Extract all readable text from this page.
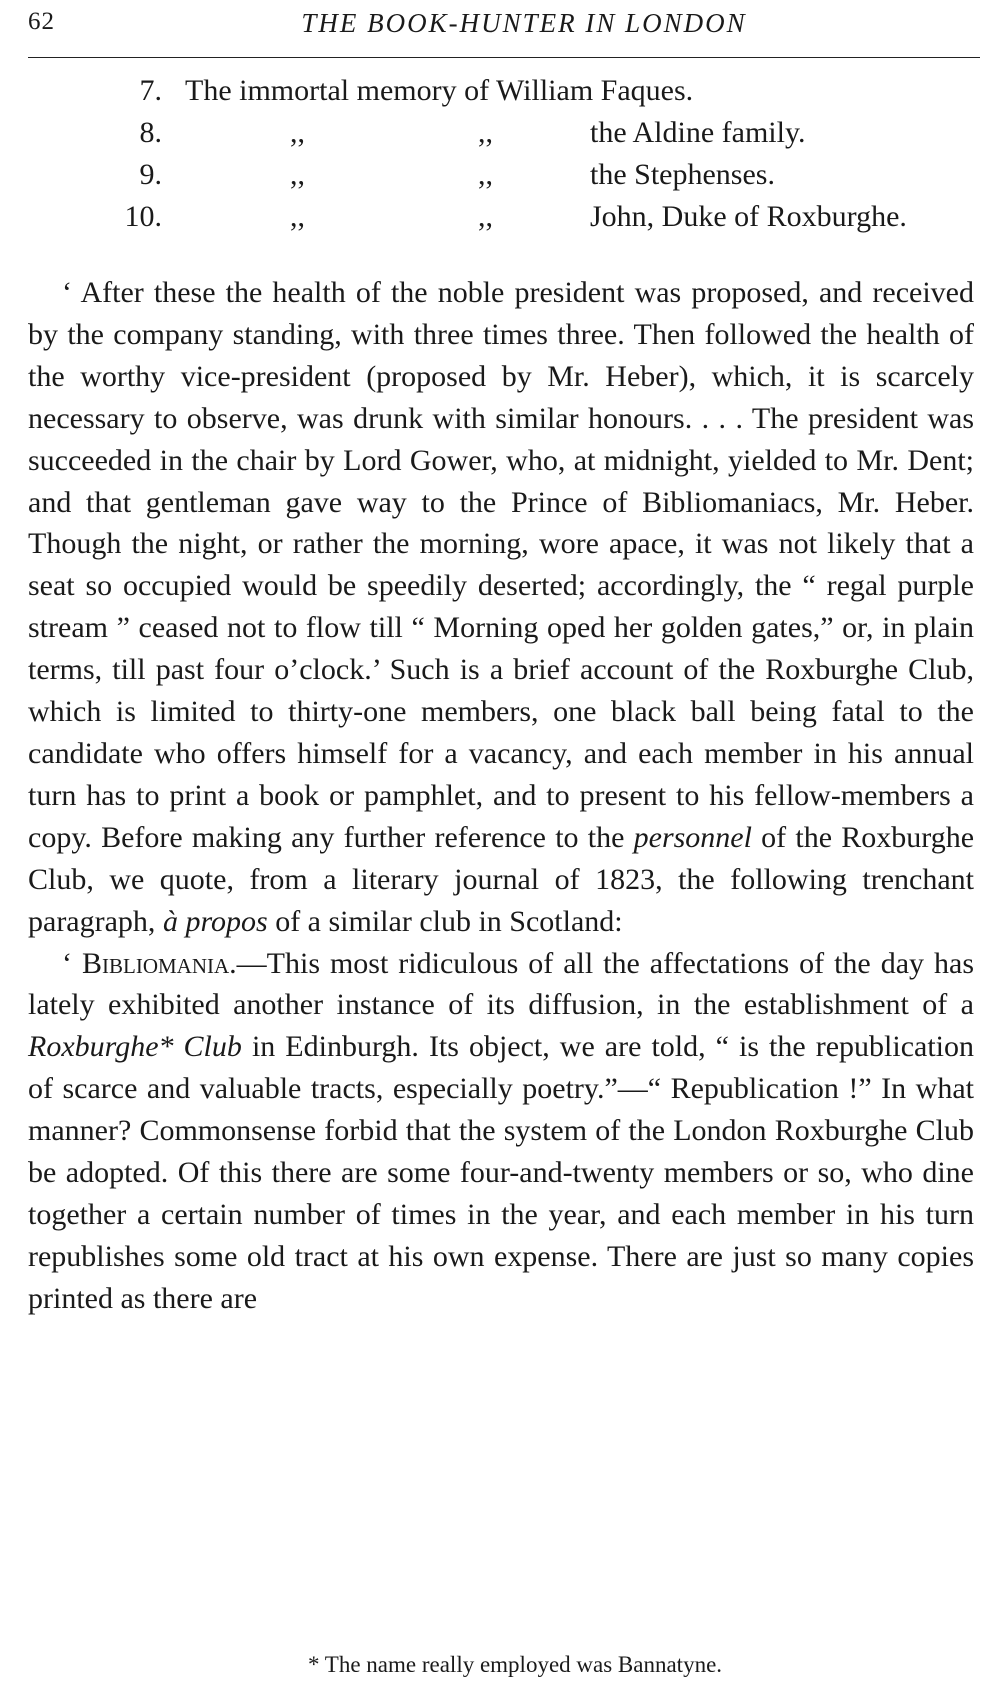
62	THE BOOK-HUNTER IN LONDON
7. The immortal memory of William Faques.
8.	,,	,,	the Aldine family.
9.	,,	,,	the Stephenses.
10.	,,	,,	John, Duke of Roxburghe.

‘ After these the health of the noble president was proposed, and received by the company standing, with three times three. Then followed the health of the worthy vice-president (proposed by Mr. Heber), which, it is scarcely necessary to observe, was drunk with similar honours. . . . The president was succeeded in the chair by Lord Gower, who, at midnight, yielded to Mr. Dent; and that gentleman gave way to the Prince of Bibliomaniacs, Mr. Heber. Though the night, or rather the morning, wore apace, it was not likely that a seat so occupied would be speedily deserted; accordingly, the “ regal purple stream ” ceased not to flow till “ Morning oped her golden gates,” or, in plain terms, till past four o’clock.’ Such is a brief account of the Roxburghe Club, which is limited to thirty-one members, one black ball being fatal to the candidate who offers himself for a vacancy, and each member in his annual turn has to print a book or pamphlet, and to present to his fellow-members a copy. Before making any further reference to the personnel of the Roxburghe Club, we quote, from a literary journal of 1823, the following trenchant paragraph, à propos of a similar club in Scotland:

‘ Bibliomania.—This most ridiculous of all the affectations of the day has lately exhibited another instance of its diffusion, in the establishment of a Roxburghe* Club in Edinburgh. Its object, we are told, “ is the republication of scarce and valuable tracts, especially poetry.”—“ Republication !” In what manner? Commonsense forbid that the system of the London Roxburghe Club be adopted. Of this there are some four-and-twenty members or so, who dine together a certain number of times in the year, and each member in his turn republishes some old tract at his own expense. There are just so many copies printed as there are

* The name really employed was Bannatyne.
